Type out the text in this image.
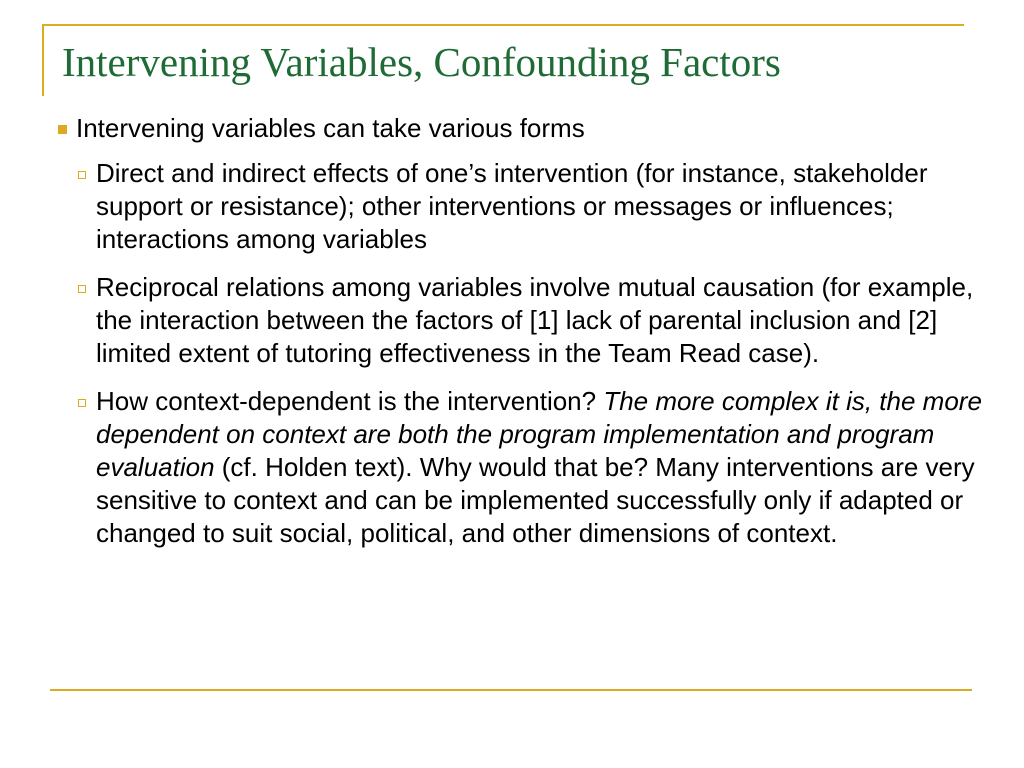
Intervening Variables, Confounding Factors
Intervening variables can take various forms
Direct and indirect effects of one’s intervention (for instance, stakeholder support or resistance); other interventions or messages or influences; interactions among variables
Reciprocal relations among variables involve mutual causation (for example, the interaction between the factors of [1] lack of parental inclusion and [2] limited extent of tutoring effectiveness in the Team Read case).
How context-dependent is the intervention? The more complex it is, the more dependent on context are both the program implementation and program evaluation (cf. Holden text). Why would that be? Many interventions are very sensitive to context and can be implemented successfully only if adapted or changed to suit social, political, and other dimensions of context.
